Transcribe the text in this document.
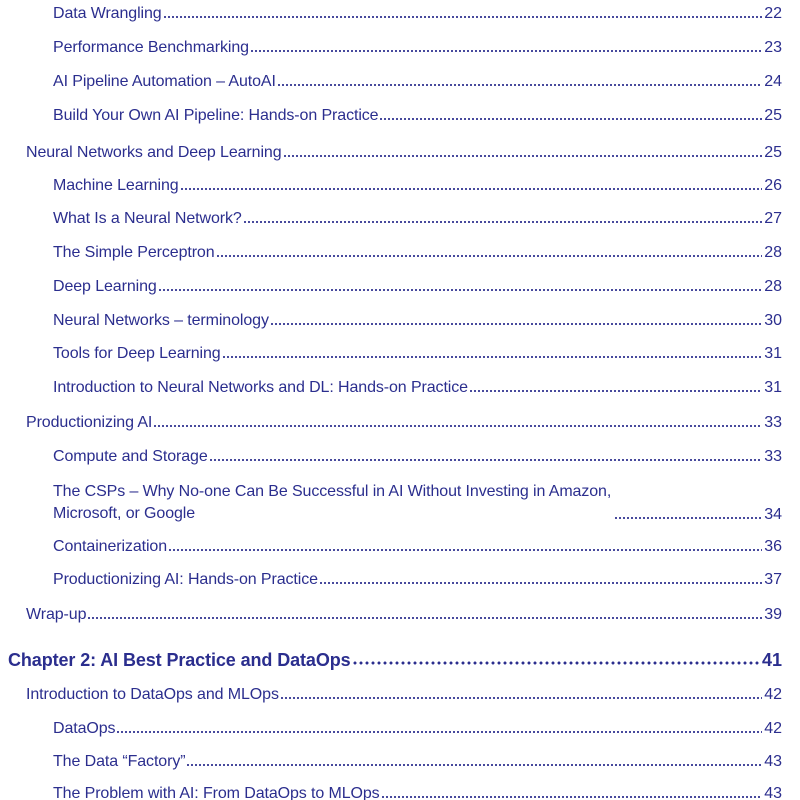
Data Wrangling	22
Performance Benchmarking	23
AI Pipeline Automation – AutoAI	24
Build Your Own AI Pipeline: Hands-on Practice	25
Neural Networks and Deep Learning	25
Machine Learning	26
What Is a Neural Network?	27
The Simple Perceptron	28
Deep Learning	28
Neural Networks – terminology	30
Tools for Deep Learning	31
Introduction to Neural Networks and DL: Hands-on Practice	31
Productionizing AI	33
Compute and Storage	33
The CSPs – Why No-one Can Be Successful in AI Without Investing in Amazon, Microsoft, or Google	34
Containerization	36
Productionizing AI: Hands-on Practice	37
Wrap-up	39
Chapter 2: AI Best Practice and DataOps	41
Introduction to DataOps and MLOps	42
DataOps	42
The Data “Factory”	43
The Problem with AI: From DataOps to MLOps	43
